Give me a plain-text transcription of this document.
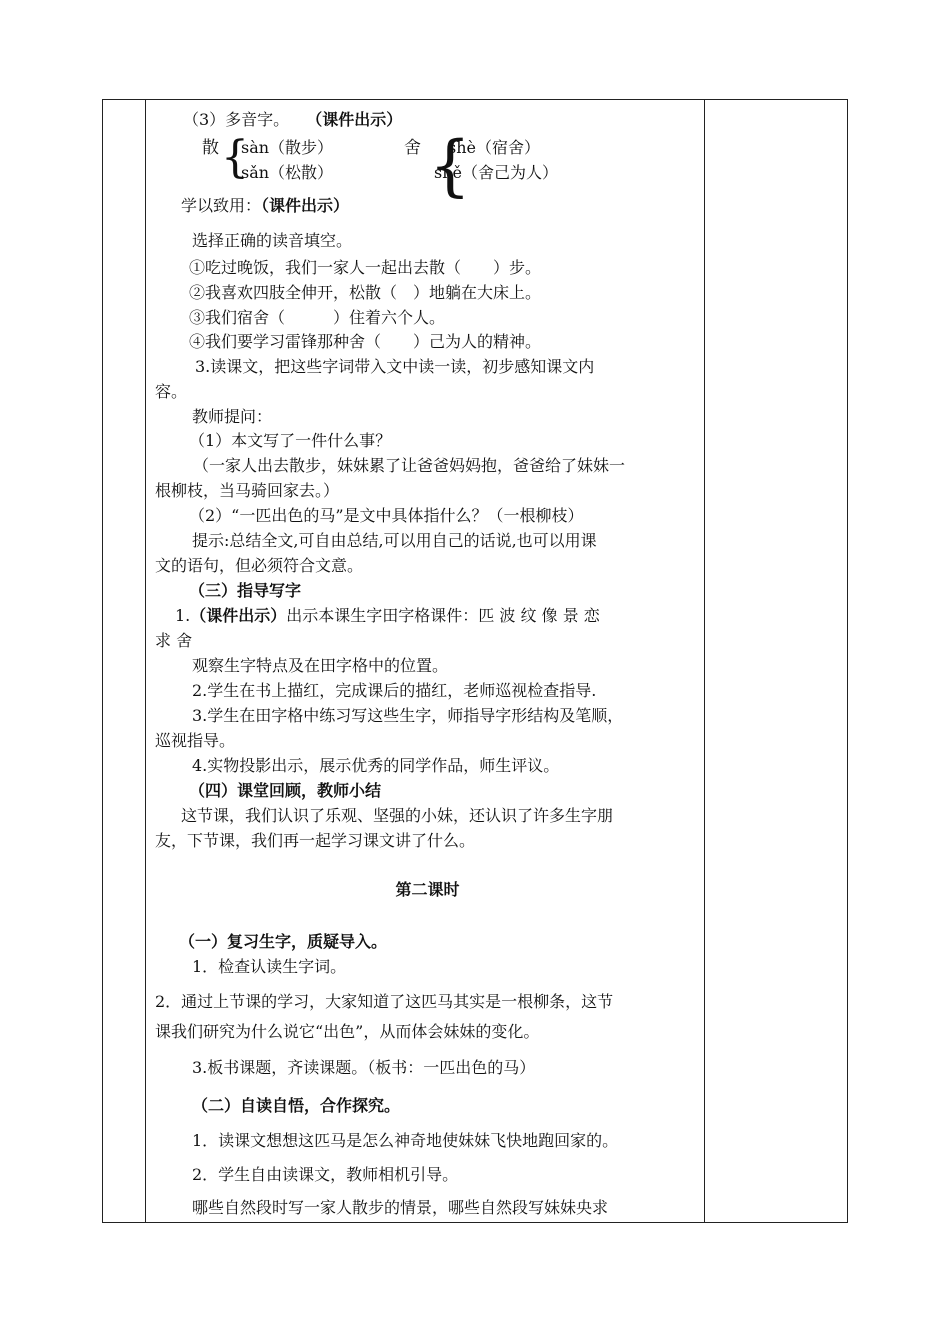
（3）多音字。 （课件出示）
散 {
sàn（散步）
sǎn（松散）
舍 {
shè（宿舍）
shě（舍己为人）
学以致用：（课件出示）
选择正确的读音填空。
①吃过晚饭，我们一家人一起出去散（　　）步。
②我喜欢四肢全伸开，松散（　）地躺在大床上。
③我们宿舍（　　　）住着六个人。
④我们要学习雷锋那种舍（　　）己为人的精神。
3.读课文，把这些字词带入文中读一读，初步感知课文内
容。
教师提问：
（1）本文写了一件什么事？
（一家人出去散步，妹妹累了让爸爸妈妈抱，爸爸给了妹妹一
根柳枝，当马骑回家去。）
（2）“一匹出色的马”是文中具体指什么？（一根柳枝）
提示:总结全文,可自由总结,可以用自己的话说,也可以用课
文的语句，但必须符合文意。
（三）指导写字
1.（课件出示）出示本课生字田字格课件：匹 波 纹 像 景 恋
求 舍
观察生字特点及在田字格中的位置。
2.学生在书上描红，完成课后的描红，老师巡视检查指导.
3.学生在田字格中练习写这些生字，师指导字形结构及笔顺，
巡视指导。
4.实物投影出示，展示优秀的同学作品，师生评议。
（四）课堂回顾，教师小结
这节课，我们认识了乐观、坚强的小妹，还认识了许多生字朋
友，下节课，我们再一起学习课文讲了什么。
第二课时
（一）复习生字，质疑导入。
1．检查认读生字词。
2．通过上节课的学习，大家知道了这匹马其实是一根柳条，这节
课我们研究为什么说它“出色”，从而体会妹妹的变化。
3.板书课题，齐读课题。（板书：一匹出色的马）
（二）自读自悟，合作探究。
1．读课文想想这匹马是怎么神奇地使妹妹飞快地跑回家的。
2．学生自由读课文，教师相机引导。
哪些自然段时写一家人散步的情景，哪些自然段写妹妹央求
